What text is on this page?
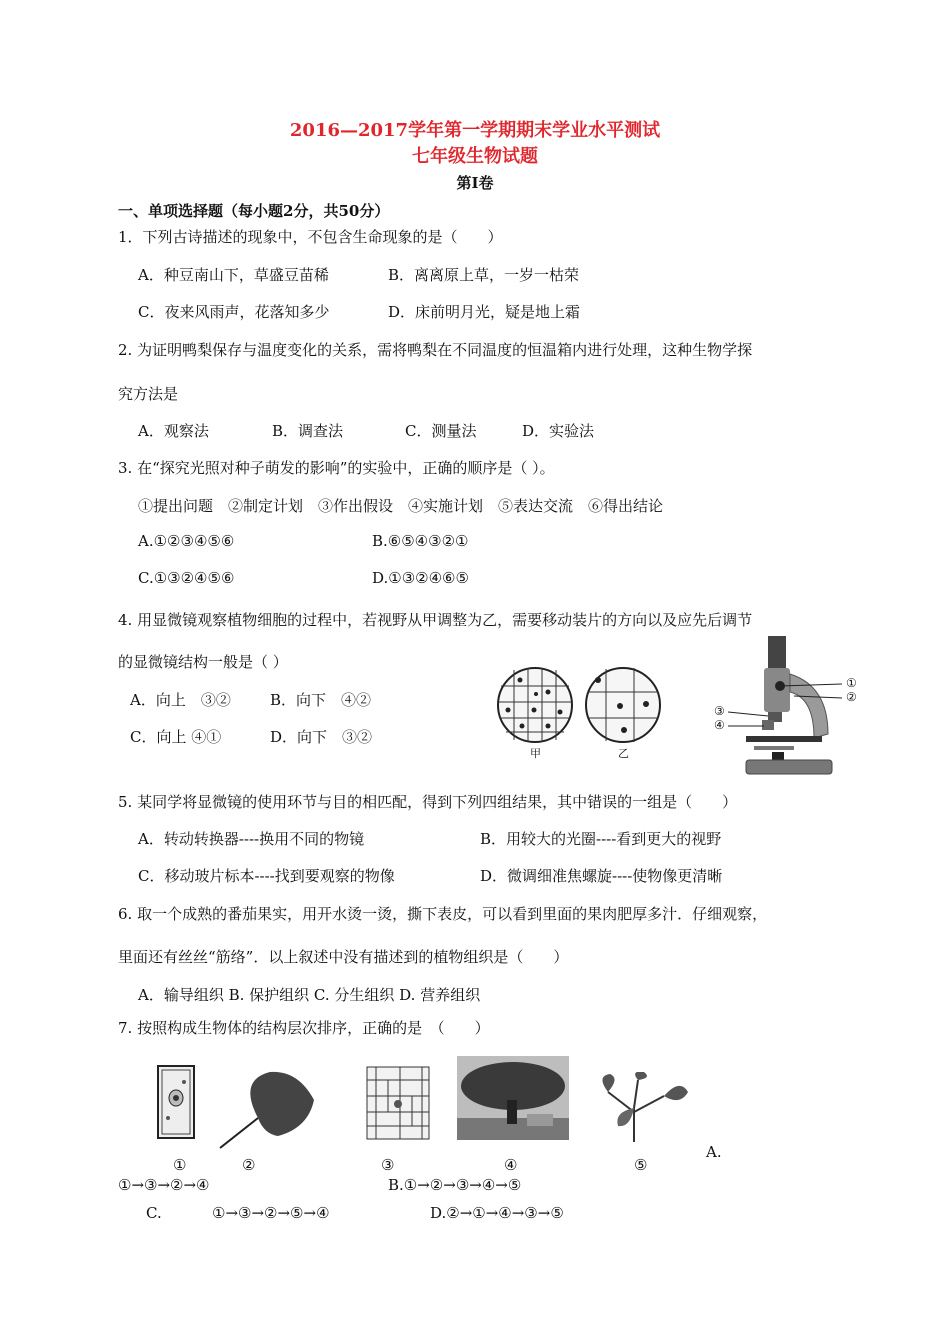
2016—2017学年第一学期期末学业水平测试
七年级生物试题
第Ⅰ卷
一、单项选择题（每小题2分，共50分）
1．下列古诗描述的现象中，不包含生命现象的是（　　）
A．种豆南山下，草盛豆苗稀	B．离离原上草，一岁一枯荣
C．夜来风雨声，花落知多少	D．床前明月光，疑是地上霜
2. 为证明鸭梨保存与温度变化的关系，需将鸭梨在不同温度的恒温箱内进行处理，这种生物学探
究方法是
A．观察法	B．调查法	C．测量法	D．实验法
3. 在“探究光照对种子萌发的影响”的实验中，正确的顺序是（ ）。
①提出问题　②制定计划　③作出假设　④实施计划　⑤表达交流　⑥得出结论
A.①②③④⑤⑥	B.⑥⑤④③②①
C.①③②④⑤⑥	D.①③②④⑥⑤
4. 用显微镜观察植物细胞的过程中，若视野从甲调整为乙，需要移动装片的方向以及应先后调节
的显微镜结构一般是（ ）
A．向上　③②	B．向下　④②
C．向上 ④①	D．向下　③②
甲	乙
①
②
③
④
5. 某同学将显微镜的使用环节与目的相匹配，得到下列四组结果，其中错误的一组是（　　）
A．转动转换器----换用不同的物镜	B．用较大的光圈----看到更大的视野
C．移动玻片标本----找到要观察的物像	D．微调细准焦螺旋----使物像更清晰
6. 取一个成熟的番茄果实，用开水烫一烫，撕下表皮，可以看到里面的果肉肥厚多汁．仔细观察，
里面还有丝丝“筋络”．以上叙述中没有描述到的植物组织是（　　）
A．输导组织 B. 保护组织 C. 分生组织 D. 营养组织
7. 按照构成生物体的结构层次排序，正确的是　（　　）
①	②	③	④	⑤
A.
①→③→②→④	B.①→②→③→④→⑤
C.	①→③→②→⑤→④	D.②→①→④→③→⑤
